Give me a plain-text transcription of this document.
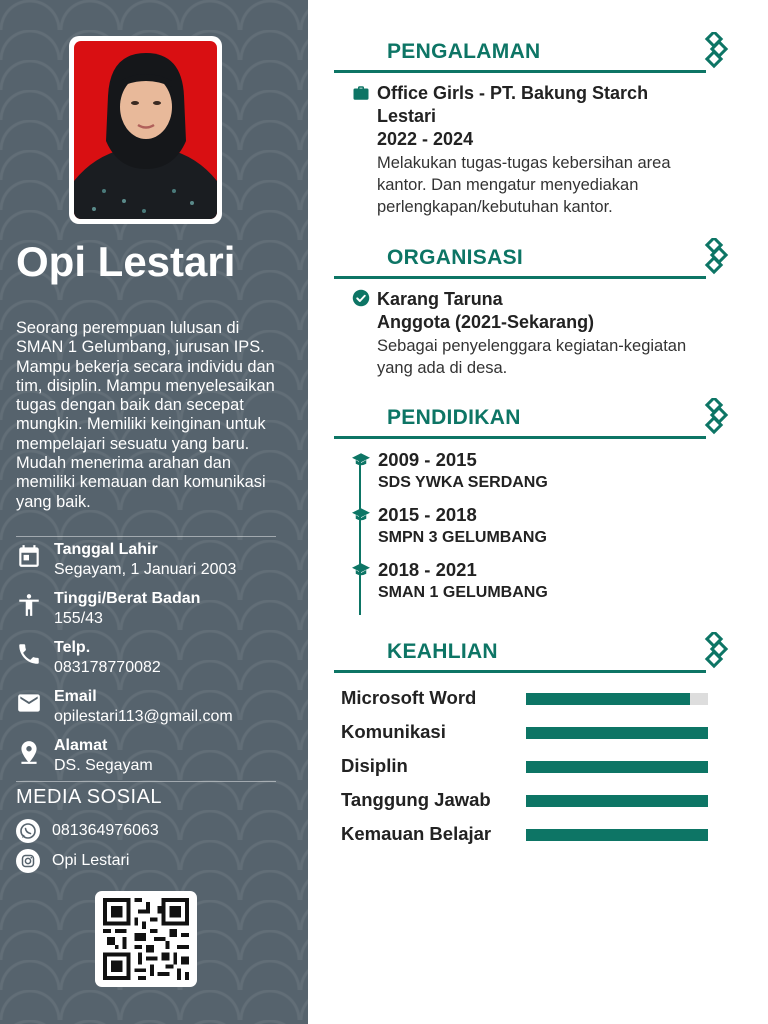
Opi Lestari
Seorang perempuan lulusan di SMAN 1 Gelumbang, jurusan IPS. Mampu bekerja secara individu dan tim, disiplin. Mampu menyelesaikan tugas dengan baik dan secepat mungkin. Memiliki keinginan untuk mempelajari sesuatu yang baru. Mudah menerima arahan dan memiliki kemauan dan komunikasi yang baik.
Tanggal Lahir
Segayam, 1 Januari 2003
Tinggi/Berat Badan
155/43
Telp.
083178770082
Email
opilestari113@gmail.com
Alamat
DS. Segayam
MEDIA SOSIAL
081364976063
Opi Lestari
PENGALAMAN
Office Girls - PT. Bakung Starch
Lestari
2022 - 2024
Melakukan tugas-tugas kebersihan area
kantor. Dan mengatur menyediakan
perlengkapan/kebutuhan kantor.
ORGANISASI
Karang Taruna
Anggota (2021-Sekarang)
Sebagai penyelenggara kegiatan-kegiatan
yang ada di desa.
PENDIDIKAN
2009 - 2015
SDS YWKA SERDANG
2015 - 2018
SMPN 3 GELUMBANG
2018 - 2021
SMAN 1 GELUMBANG
KEAHLIAN
Microsoft Word
Komunikasi
Disiplin
Tanggung Jawab
Kemauan Belajar
